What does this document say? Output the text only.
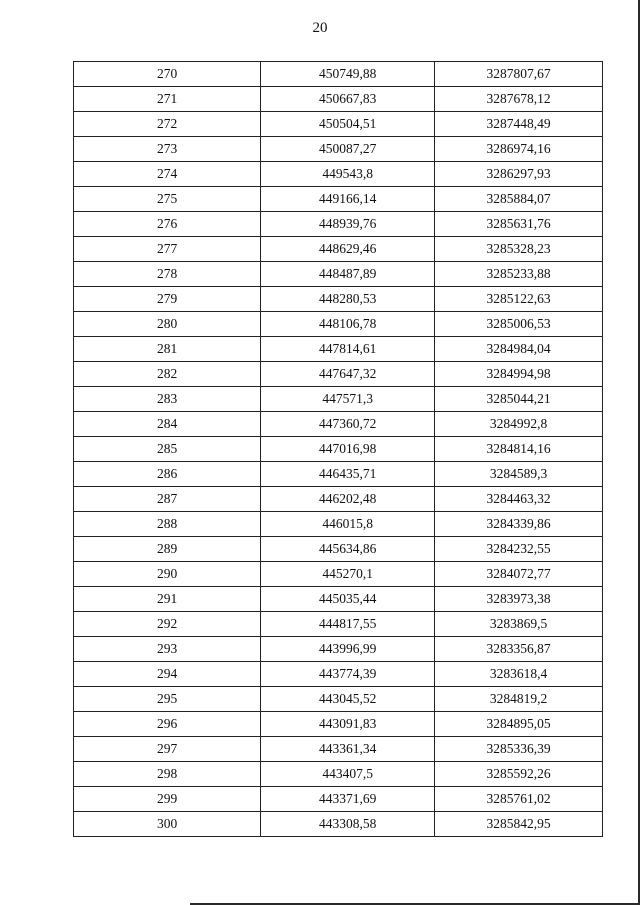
20
270	450749,88	3287807,67
271	450667,83	3287678,12
272	450504,51	3287448,49
273	450087,27	3286974,16
274	449543,8	3286297,93
275	449166,14	3285884,07
276	448939,76	3285631,76
277	448629,46	3285328,23
278	448487,89	3285233,88
279	448280,53	3285122,63
280	448106,78	3285006,53
281	447814,61	3284984,04
282	447647,32	3284994,98
283	447571,3	3285044,21
284	447360,72	3284992,8
285	447016,98	3284814,16
286	446435,71	3284589,3
287	446202,48	3284463,32
288	446015,8	3284339,86
289	445634,86	3284232,55
290	445270,1	3284072,77
291	445035,44	3283973,38
292	444817,55	3283869,5
293	443996,99	3283356,87
294	443774,39	3283618,4
295	443045,52	3284819,2
296	443091,83	3284895,05
297	443361,34	3285336,39
298	443407,5	3285592,26
299	443371,69	3285761,02
300	443308,58	3285842,95
